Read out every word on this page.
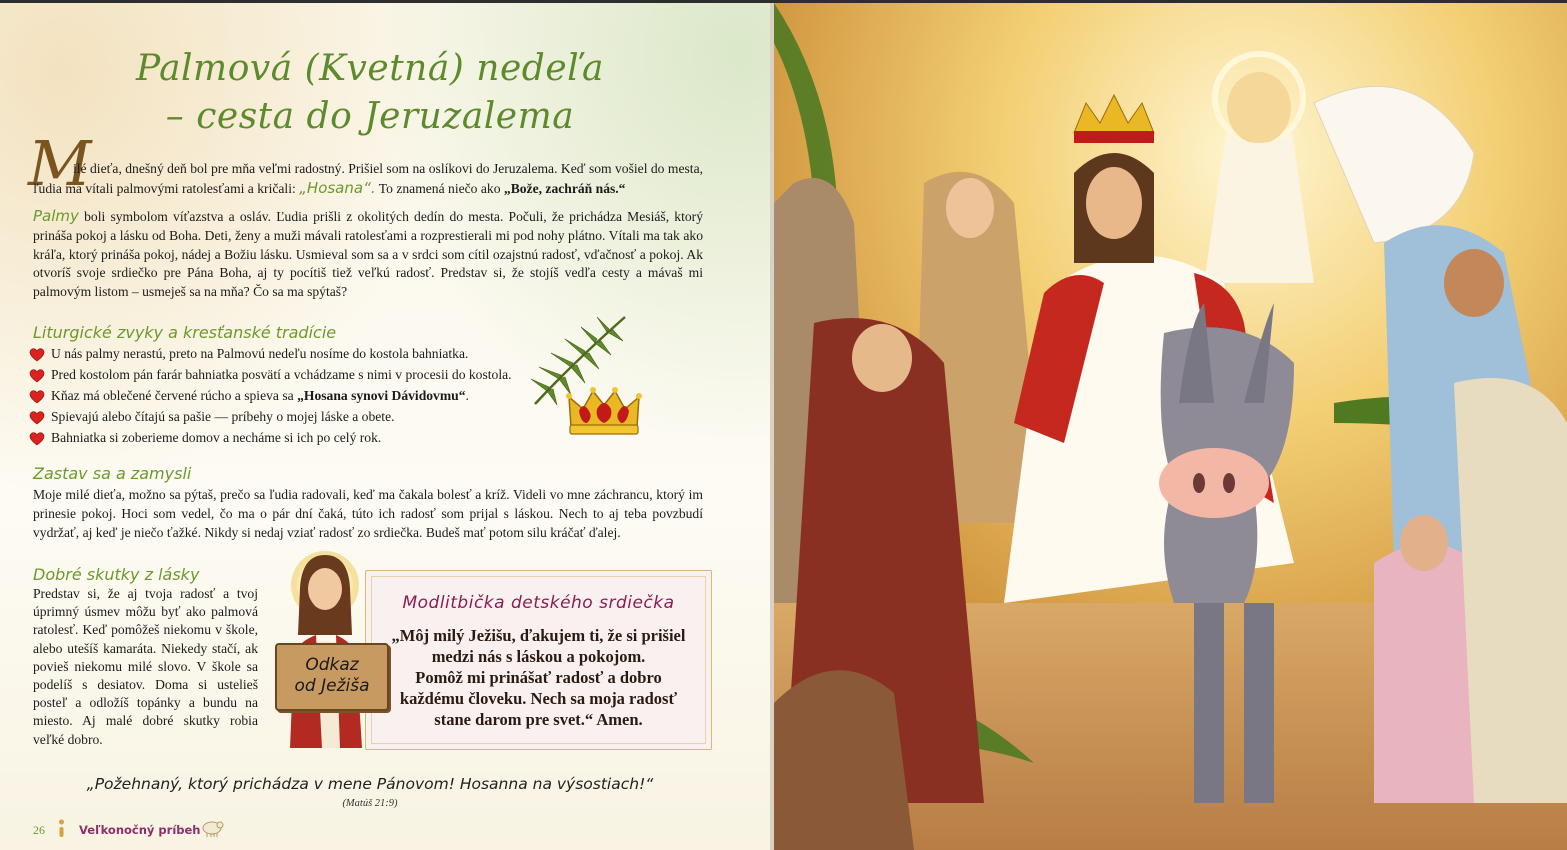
Palmová (Kvetná) nedeľa
– cesta do Jeruzalema
M
ilé dieťa, dnešný deň bol pre mňa veľmi radostný. Prišiel som na oslíkovi do Jeruzalema. Keď som vošiel do mesta, ľudia ma vítali palmovými ratolesťami a kričali: „Hosana“. To znamená niečo ako „Bože, zachráň nás.“
Palmy boli symbolom víťazstva a osláv. Ľudia prišli z okolitých dedín do mesta. Počuli, že prichádza Mesiáš, ktorý prináša pokoj a lásku od Boha. Deti, ženy a muži mávali ratolesťami a rozprestierali mi pod nohy plátno. Vítali ma tak ako kráľa, ktorý prináša pokoj, nádej a Božiu lásku. Usmieval som sa a v srdci som cítil ozajstnú radosť, vďačnosť a pokoj. Ak otvoríš svoje srdiečko pre Pána Boha, aj ty pocítiš tiež veľkú radosť. Predstav si, že stojíš vedľa cesty a mávaš mi palmovým listom – usmeješ sa na mňa? Čo sa ma spýtaš?
Liturgické zvyky a kresťanské tradície
U nás palmy nerastú, preto na Palmovú nedeľu nosíme do kostola bahniatka.
Pred kostolom pán farár bahniatka posvätí a vchádzame s nimi v procesii do kostola.
Kňaz má oblečené červené rúcho a spieva sa „Hosana synovi Dávidovmu“.
Spievajú alebo čítajú sa pašie — príbehy o mojej láske a obete.
Bahniatka si zoberieme domov a necháme si ich po celý rok.
Zastav sa a zamysli
Moje milé dieťa, možno sa pýtaš, prečo sa ľudia radovali, keď ma čakala bolesť a kríž. Videli vo mne záchrancu, ktorý im prinesie pokoj. Hoci som vedel, čo ma o pár dní čaká, túto ich radosť som prijal s láskou. Nech to aj teba povzbudí vydržať, aj keď je niečo ťažké. Nikdy si nedaj vziať radosť zo srdiečka. Budeš mať potom silu kráčať ďalej.
Dobré skutky z lásky
Predstav si, že aj tvoja radosť a tvoj úprimný úsmev môžu byť ako palmová ratolesť. Keď pomôžeš niekomu v škole, alebo utešíš kamaráta. Niekedy stačí, ak povieš niekomu milé slovo. V škole sa podelíš s desiatov. Doma si ustelieš posteľ a odložíš topánky a bundu na miesto. Aj malé dobré skutky robia veľké dobro.
Modlitbička detského srdiečka
„Môj milý Ježišu, ďakujem ti, že si prišiel
medzi nás s láskou a pokojom.
Pomôž mi prinášať radosť a dobro
každému človeku. Nech sa moja radosť
stane darom pre svet.“ Amen.
Odkaz
od Ježiša
„Požehnaný, ktorý prichádza v mene Pánovom! Hosanna na výsostiach!“
(Matúš 21:9)
26	Veľkonočný príbeh
